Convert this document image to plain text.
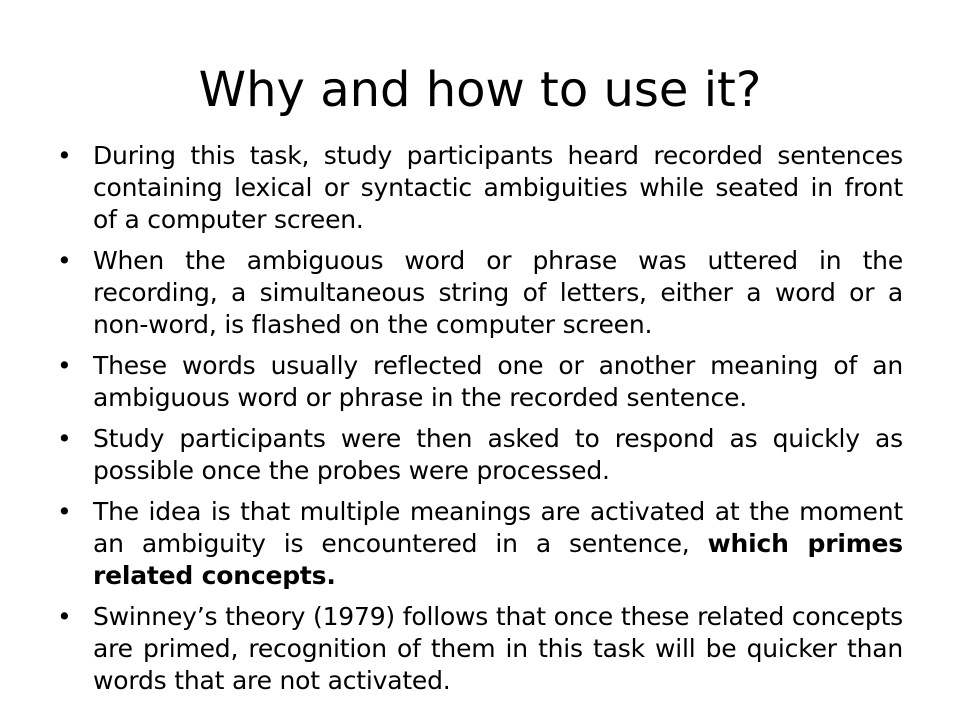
Why and how to use it?
• During this task, study participants heard recorded sentences containing lexical or syntactic ambiguities while seated in front of a computer screen.
• When the ambiguous word or phrase was uttered in the recording, a simultaneous string of letters, either a word or a non-word, is flashed on the computer screen.
• These words usually reflected one or another meaning of an ambiguous word or phrase in the recorded sentence.
• Study participants were then asked to respond as quickly as possible once the probes were processed.
• The idea is that multiple meanings are activated at the moment an ambiguity is encountered in a sentence, which primes related concepts.
• Swinney’s theory (1979) follows that once these related concepts are primed, recognition of them in this task will be quicker than words that are not activated.
